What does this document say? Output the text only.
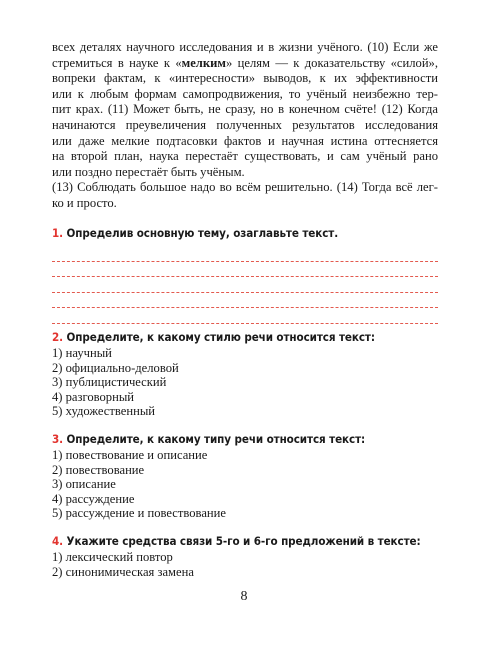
всех деталях научного исследования и в жизни учёного. (10) Если же
стремиться в науке к «мелким» целям — к доказательству «силой»,
вопреки фактам, к «интересности» выводов, к их эффективности
или к любым формам самопродвижения, то учёный неизбежно тер-
пит крах. (11) Может быть, не сразу, но в конечном счёте! (12) Когда
начинаются преувеличения полученных результатов исследования
или даже мелкие подтасовки фактов и научная истина оттесняется
на второй план, наука перестаёт существовать, и сам учёный рано
или поздно перестаёт быть учёным.
(13) Соблюдать большое надо во всём решительно. (14) Тогда всё лег-
ко и просто.
1. Определив основную тему, озаглавьте текст.
2. Определите, к какому стилю речи относится текст:
1) научный
2) официально-деловой
3) публицистический
4) разговорный
5) художественный
3. Определите, к какому типу речи относится текст:
1) повествование и описание
2) повествование
3) описание
4) рассуждение
5) рассуждение и повествование
4. Укажите средства связи 5-го и 6-го предложений в тексте:
1) лексический повтор
2) синонимическая замена
8
